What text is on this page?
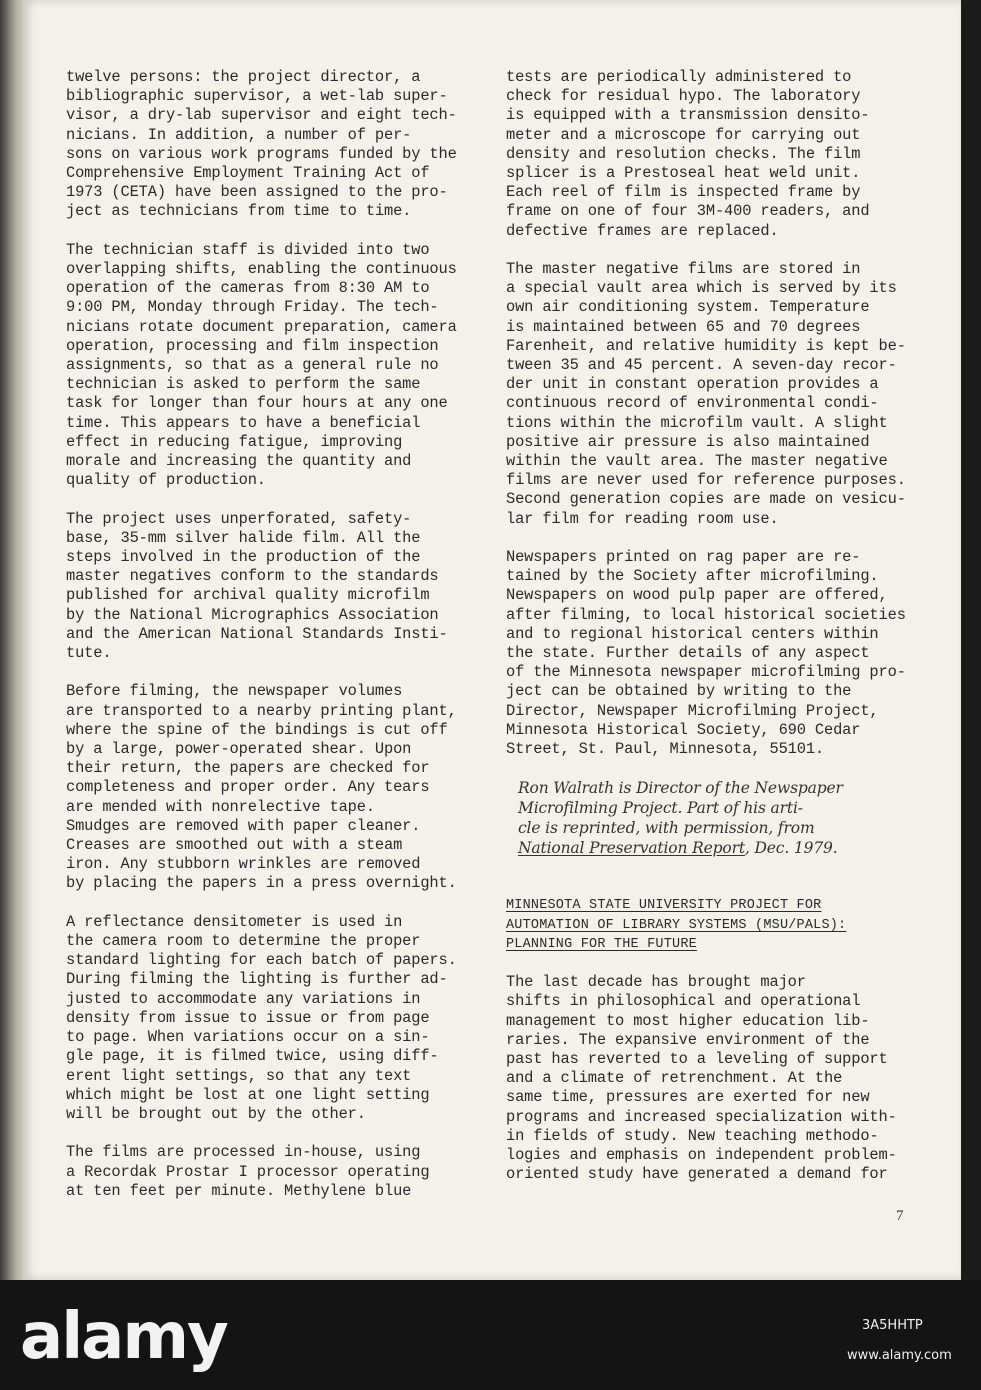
twelve persons: the project director, a
bibliographic supervisor, a wet-lab super-
visor, a dry-lab supervisor and eight tech-
nicians. In addition, a number of per-
sons on various work programs funded by the
Comprehensive Employment Training Act of
1973 (CETA) have been assigned to the pro-
ject as technicians from time to time.

The technician staff is divided into two
overlapping shifts, enabling the continuous
operation of the cameras from 8:30 AM to
9:00 PM, Monday through Friday. The tech-
nicians rotate document preparation, camera
operation, processing and film inspection
assignments, so that as a general rule no
technician is asked to perform the same
task for longer than four hours at any one
time. This appears to have a beneficial
effect in reducing fatigue, improving
morale and increasing the quantity and
quality of production.

The project uses unperforated, safety-
base, 35-mm silver halide film. All the
steps involved in the production of the
master negatives conform to the standards
published for archival quality microfilm
by the National Micrographics Association
and the American National Standards Insti-
tute.

Before filming, the newspaper volumes
are transported to a nearby printing plant,
where the spine of the bindings is cut off
by a large, power-operated shear. Upon
their return, the papers are checked for
completeness and proper order. Any tears
are mended with nonrelective tape.
Smudges are removed with paper cleaner.
Creases are smoothed out with a steam
iron. Any stubborn wrinkles are removed
by placing the papers in a press overnight.

A reflectance densitometer is used in
the camera room to determine the proper
standard lighting for each batch of papers.
During filming the lighting is further ad-
justed to accommodate any variations in
density from issue to issue or from page
to page. When variations occur on a sin-
gle page, it is filmed twice, using diff-
erent light settings, so that any text
which might be lost at one light setting
will be brought out by the other.

The films are processed in-house, using
a Recordak Prostar I processor operating
at ten feet per minute. Methylene blue

tests are periodically administered to
check for residual hypo. The laboratory
is equipped with a transmission densito-
meter and a microscope for carrying out
density and resolution checks. The film
splicer is a Prestoseal heat weld unit.
Each reel of film is inspected frame by
frame on one of four 3M-400 readers, and
defective frames are replaced.

The master negative films are stored in
a special vault area which is served by its
own air conditioning system. Temperature
is maintained between 65 and 70 degrees
Farenheit, and relative humidity is kept be-
tween 35 and 45 percent. A seven-day recor-
der unit in constant operation provides a
continuous record of environmental condi-
tions within the microfilm vault. A slight
positive air pressure is also maintained
within the vault area. The master negative
films are never used for reference purposes.
Second generation copies are made on vesicu-
lar film for reading room use.

Newspapers printed on rag paper are re-
tained by the Society after microfilming.
Newspapers on wood pulp paper are offered,
after filming, to local historical societies
and to regional historical centers within
the state. Further details of any aspect
of the Minnesota newspaper microfilming pro-
ject can be obtained by writing to the
Director, Newspaper Microfilming Project,
Minnesota Historical Society, 690 Cedar
Street, St. Paul, Minnesota, 55101.

Ron Walrath is Director of the Newspaper
Microfilming Project. Part of his arti-
cle is reprinted, with permission, from
National Preservation Report, Dec. 1979.

MINNESOTA STATE UNIVERSITY PROJECT FOR
AUTOMATION OF LIBRARY SYSTEMS (MSU/PALS):
PLANNING FOR THE FUTURE

The last decade has brought major
shifts in philosophical and operational
management to most higher education lib-
raries. The expansive environment of the
past has reverted to a leveling of support
and a climate of retrenchment. At the
same time, pressures are exerted for new
programs and increased specialization with-
in fields of study. New teaching methodo-
logies and emphasis on independent problem-
oriented study have generated a demand for

7
alamy	3A5HHTP
www.alamy.com
